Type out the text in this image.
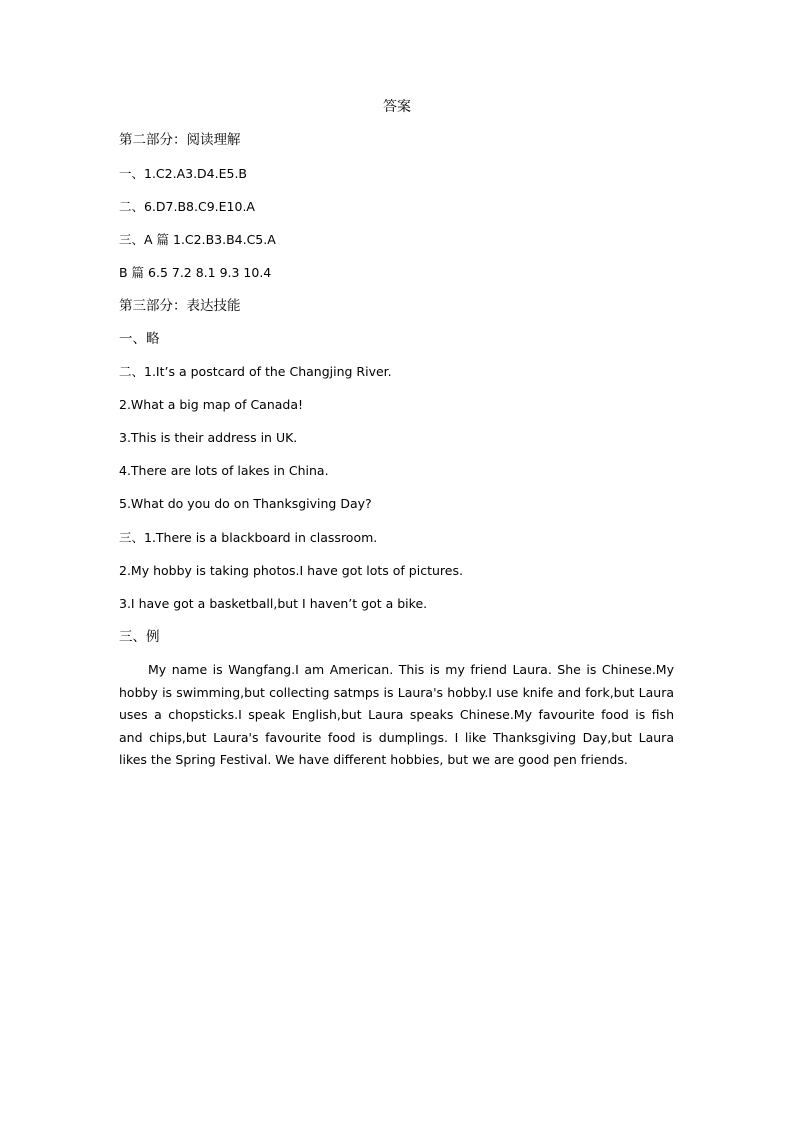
答案
第二部分：阅读理解
一、1.C2.A3.D4.E5.B
二、6.D7.B8.C9.E10.A
三、A 篇 1.C2.B3.B4.C5.A
B 篇 6.5 7.2 8.1 9.3 10.4
第三部分：表达技能
一、略
二、1.It’s a postcard of the Changjing River.
2.What a big map of Canada!
3.This is their address in UK.
4.There are lots of lakes in China.
5.What do you do on Thanksgiving Day?
三、1.There is a blackboard in classroom.
2.My hobby is taking photos.I have got lots of pictures.
3.I have got a basketball,but I haven’t got a bike.
三、例
My name is Wangfang.I am American. This is my friend Laura. She is Chinese.My hobby is swimming,but collecting satmps is Laura's hobby.I use knife and fork,but Laura uses a chopsticks.I speak English,but Laura speaks Chinese.My favourite food is fish and chips,but Laura's favourite food is dumplings. I like Thanksgiving Day,but Laura likes the Spring Festival. We have different hobbies, but we are good pen friends.
